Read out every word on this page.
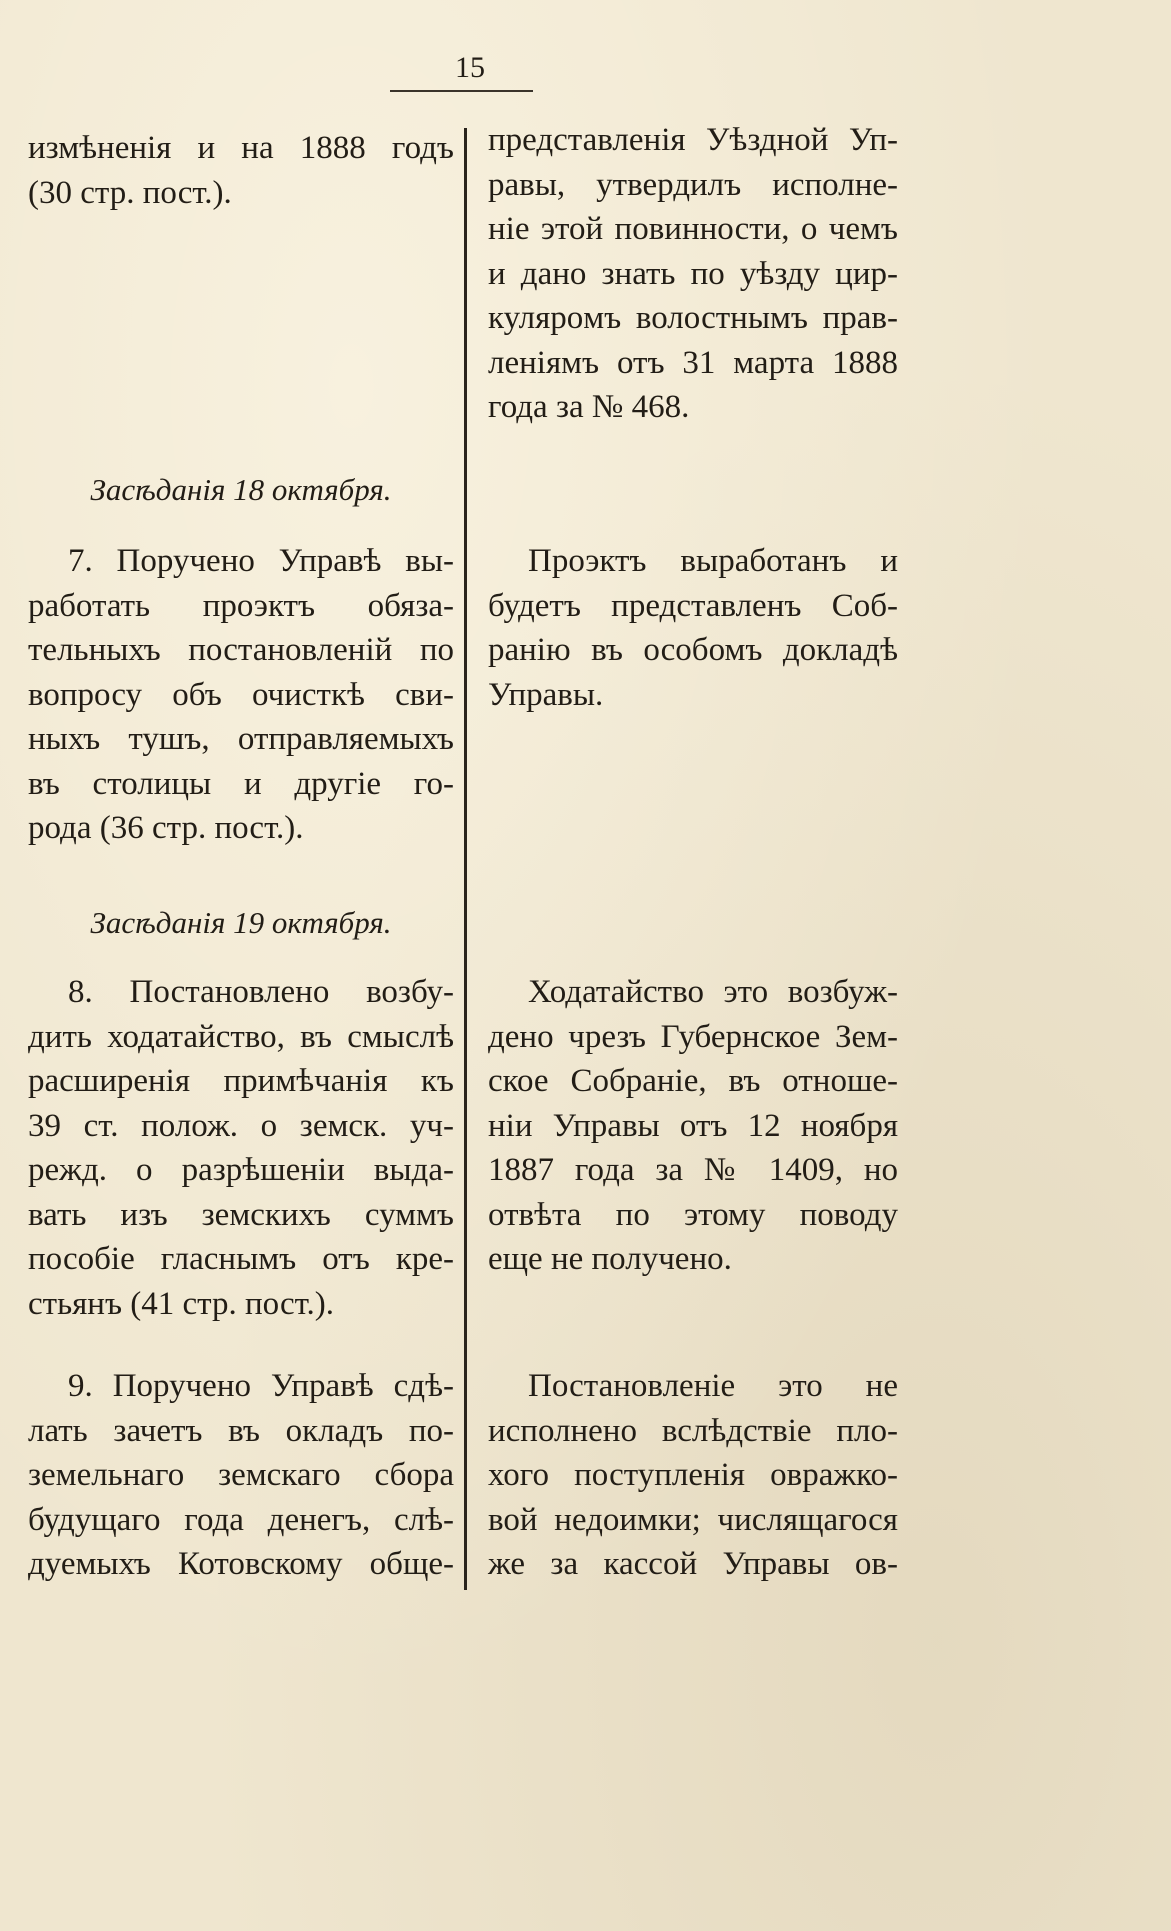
15
измѣненія и на 1888 годъ
(30 стр. пост.).
Засѣданія 18 октября.
7. Поручено Управѣ вы-
работать проэктъ обяза-
тельныхъ постановленій по
вопросу объ очисткѣ сви-
ныхъ тушъ, отправляемыхъ
въ столицы и другіе го-
рода (36 стр. пост.).
Засѣданія 19 октября.
8. Постановлено возбу-
дить ходатайство, въ смыслѣ
расширенія примѣчанія къ
39 ст. полож. о земск. уч-
режд. о разрѣшеніи выда-
вать изъ земскихъ суммъ
пособіе гласнымъ отъ кре-
стьянъ (41 стр. пост.).
9. Поручено Управѣ сдѣ-
лать зачетъ въ окладъ по-
земельнаго земскаго сбора
будущаго года денегъ, слѣ-
дуемыхъ Котовскому обще-
представленія Уѣздной Уп-
равы, утвердилъ исполне-
ніе этой повинности, о чемъ
и дано знать по уѣзду цир-
кулярoмъ волостнымъ прав-
леніямъ отъ 31 марта 1888
года за № 468.
Проэктъ выработанъ и
будетъ представленъ Соб-
ранію въ особомъ докладѣ
Управы.
Ходатайство это возбуж-
дено чрезъ Губернское Зем-
ское Собраніе, въ отноше-
ніи Управы отъ 12 ноября
1887 года за № 1409, но
отвѣта по этому поводу
еще не получено.
Постановленіе это не
исполнено вслѣдствіе пло-
хого поступленія овражко-
вой недоимки; числящагося
же за кассой Управы ов-
